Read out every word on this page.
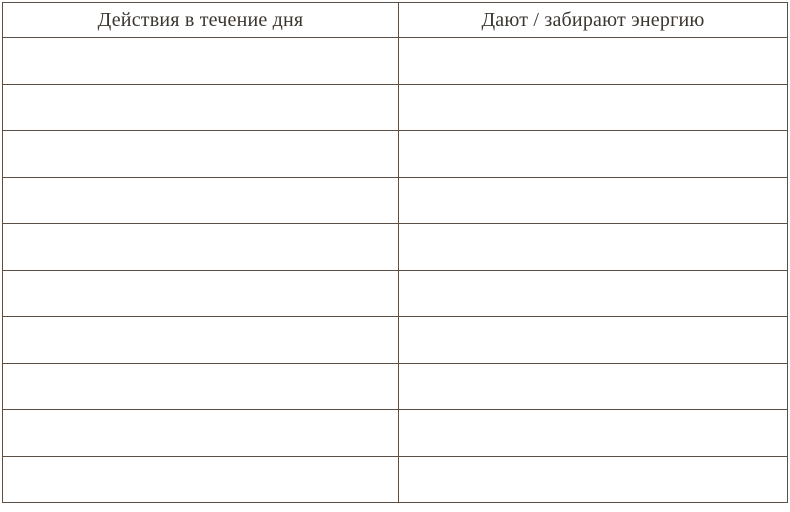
Действия в течение дня	Дают / забирают энергию
